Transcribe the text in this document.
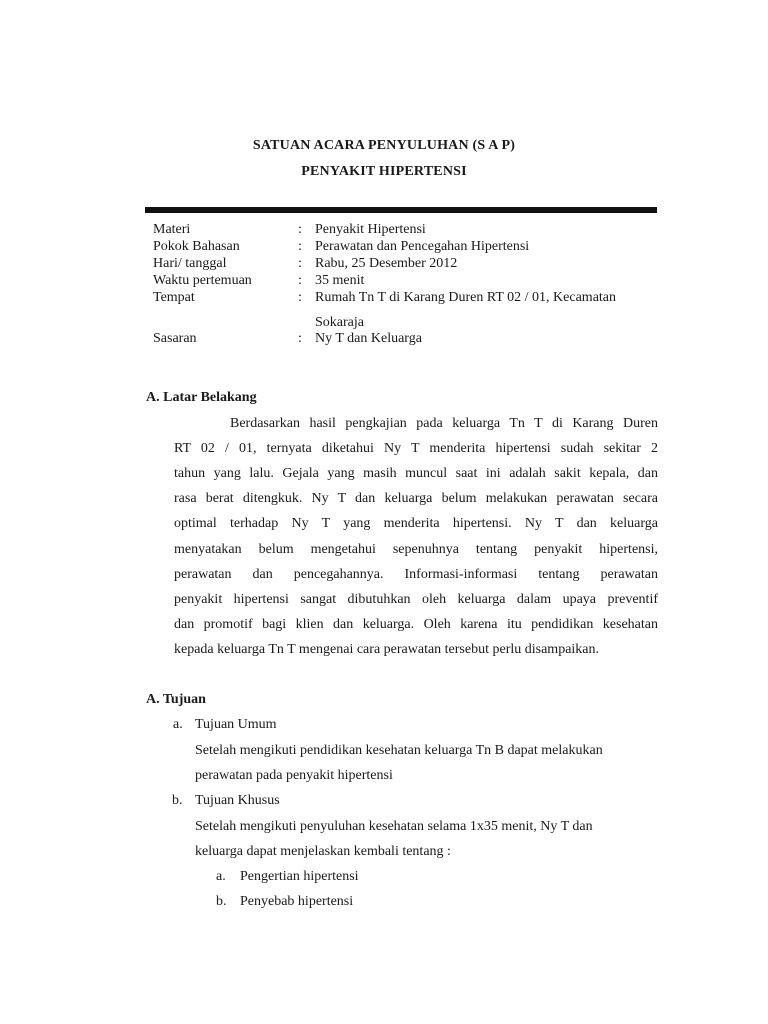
SATUAN ACARA PENYULUHAN (S A P)
PENYAKIT HIPERTENSI
Materi	: Penyakit Hipertensi
Pokok Bahasan	: Perawatan dan Pencegahan Hipertensi
Hari/ tanggal	: Rabu, 25 Desember 2012
Waktu pertemuan	: 35 menit
Tempat	: Rumah Tn T di Karang Duren RT 02 / 01, Kecamatan
Sokaraja
Sasaran	: Ny T dan Keluarga
A. Latar Belakang
Berdasarkan hasil pengkajian pada keluarga Tn T di Karang Duren
RT 02 / 01, ternyata diketahui Ny T menderita hipertensi sudah sekitar 2
tahun yang lalu. Gejala yang masih muncul saat ini adalah sakit kepala, dan
rasa berat ditengkuk. Ny T dan keluarga belum melakukan perawatan secara
optimal terhadap Ny T yang menderita hipertensi. Ny T dan keluarga
menyatakan belum mengetahui sepenuhnya tentang penyakit hipertensi,
perawatan dan pencegahannya. Informasi-informasi tentang perawatan
penyakit hipertensi sangat dibutuhkan oleh keluarga dalam upaya preventif
dan promotif bagi klien dan keluarga. Oleh karena itu pendidikan kesehatan
kepada keluarga Tn T mengenai cara perawatan tersebut perlu disampaikan.
A. Tujuan
a. Tujuan Umum
Setelah mengikuti pendidikan kesehatan keluarga Tn B dapat melakukan
perawatan pada penyakit hipertensi
b. Tujuan Khusus
Setelah mengikuti penyuluhan kesehatan selama 1x35 menit, Ny T dan
keluarga dapat menjelaskan kembali tentang :
a. Pengertian hipertensi
b. Penyebab hipertensi
